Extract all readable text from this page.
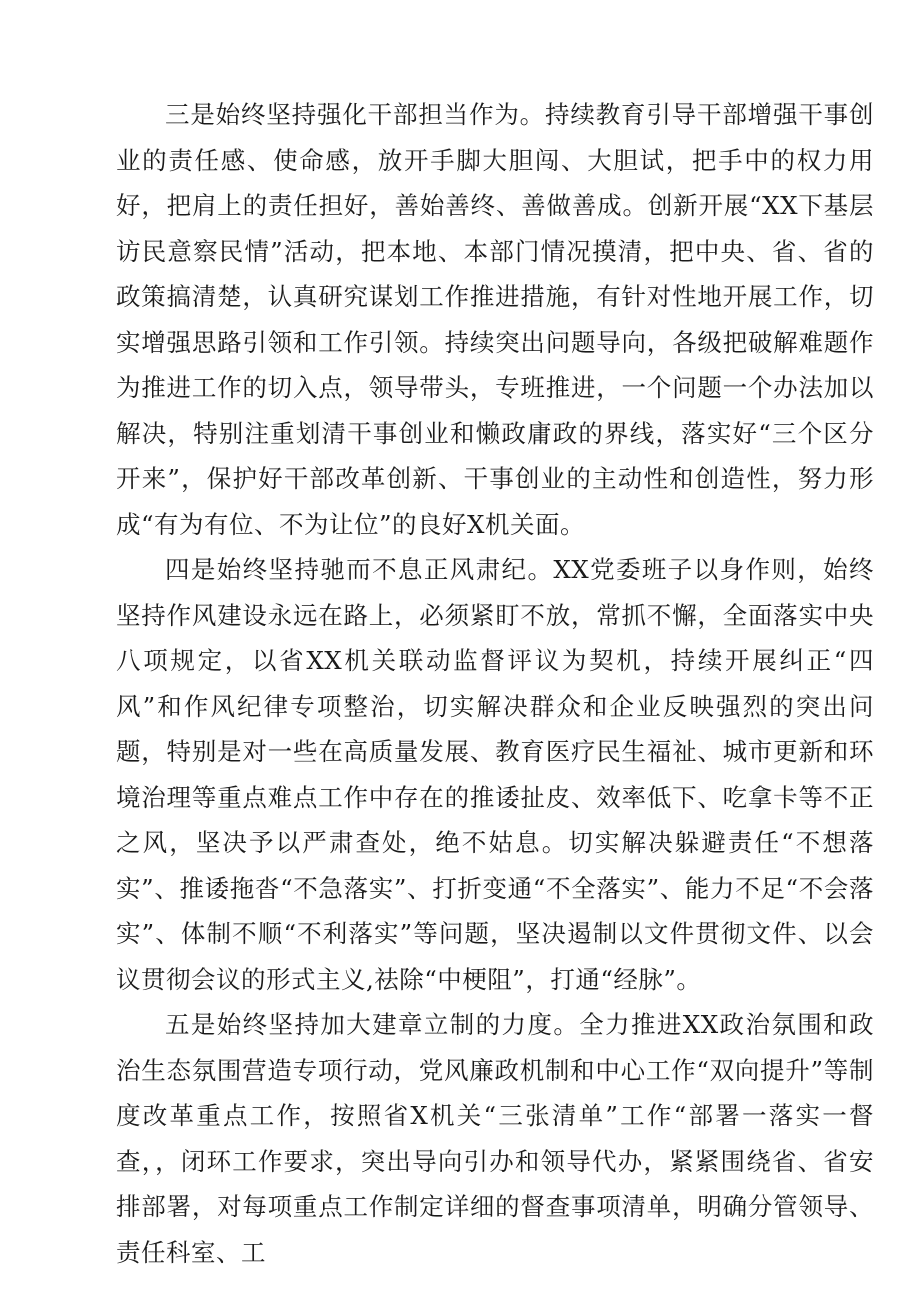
三是始终坚持强化干部担当作为。持续教育引导干部增强干事创业的责任感、使命感，放开手脚大胆闯、大胆试，把手中的权力用好，把肩上的责任担好，善始善终、善做善成。创新开展“XX下基层访民意察民情”活动，把本地、本部门情况摸清，把中央、省、省的政策搞清楚，认真研究谋划工作推进措施，有针对性地开展工作，切实增强思路引领和工作引领。持续突出问题导向，各级把破解难题作为推进工作的切入点，领导带头，专班推进，一个问题一个办法加以解决，特别注重划清干事创业和懒政庸政的界线，落实好“三个区分开来”，保护好干部改革创新、干事创业的主动性和创造性，努力形成“有为有位、不为让位”的良好X机关面。

四是始终坚持驰而不息正风肃纪。XX党委班子以身作则，始终坚持作风建设永远在路上，必须紧盯不放，常抓不懈，全面落实中央八项规定，以省XX机关联动监督评议为契机，持续开展纠正“四风”和作风纪律专项整治，切实解决群众和企业反映强烈的突出问题，特别是对一些在高质量发展、教育医疗民生福祉、城市更新和环境治理等重点难点工作中存在的推诿扯皮、效率低下、吃拿卡等不正之风，坚决予以严肃查处，绝不姑息。切实解决躲避责任“不想落实”、推诿拖沓“不急落实”、打折变通“不全落实”、能力不足“不会落实”、体制不顺“不利落实”等问题，坚决遏制以文件贯彻文件、以会议贯彻会议的形式主义,祛除“中梗阻”，打通“经脉”。

五是始终坚持加大建章立制的力度。全力推进XX政治氛围和政治生态氛围营造专项行动，党风廉政机制和中心工作“双向提升”等制度改革重点工作，按照省X机关“三张清单”工作“部署一落实一督查，，闭环工作要求，突出导向引办和领导代办，紧紧围绕省、省安排部署，对每项重点工作制定详细的督查事项清单，明确分管领导、责任科室、工
